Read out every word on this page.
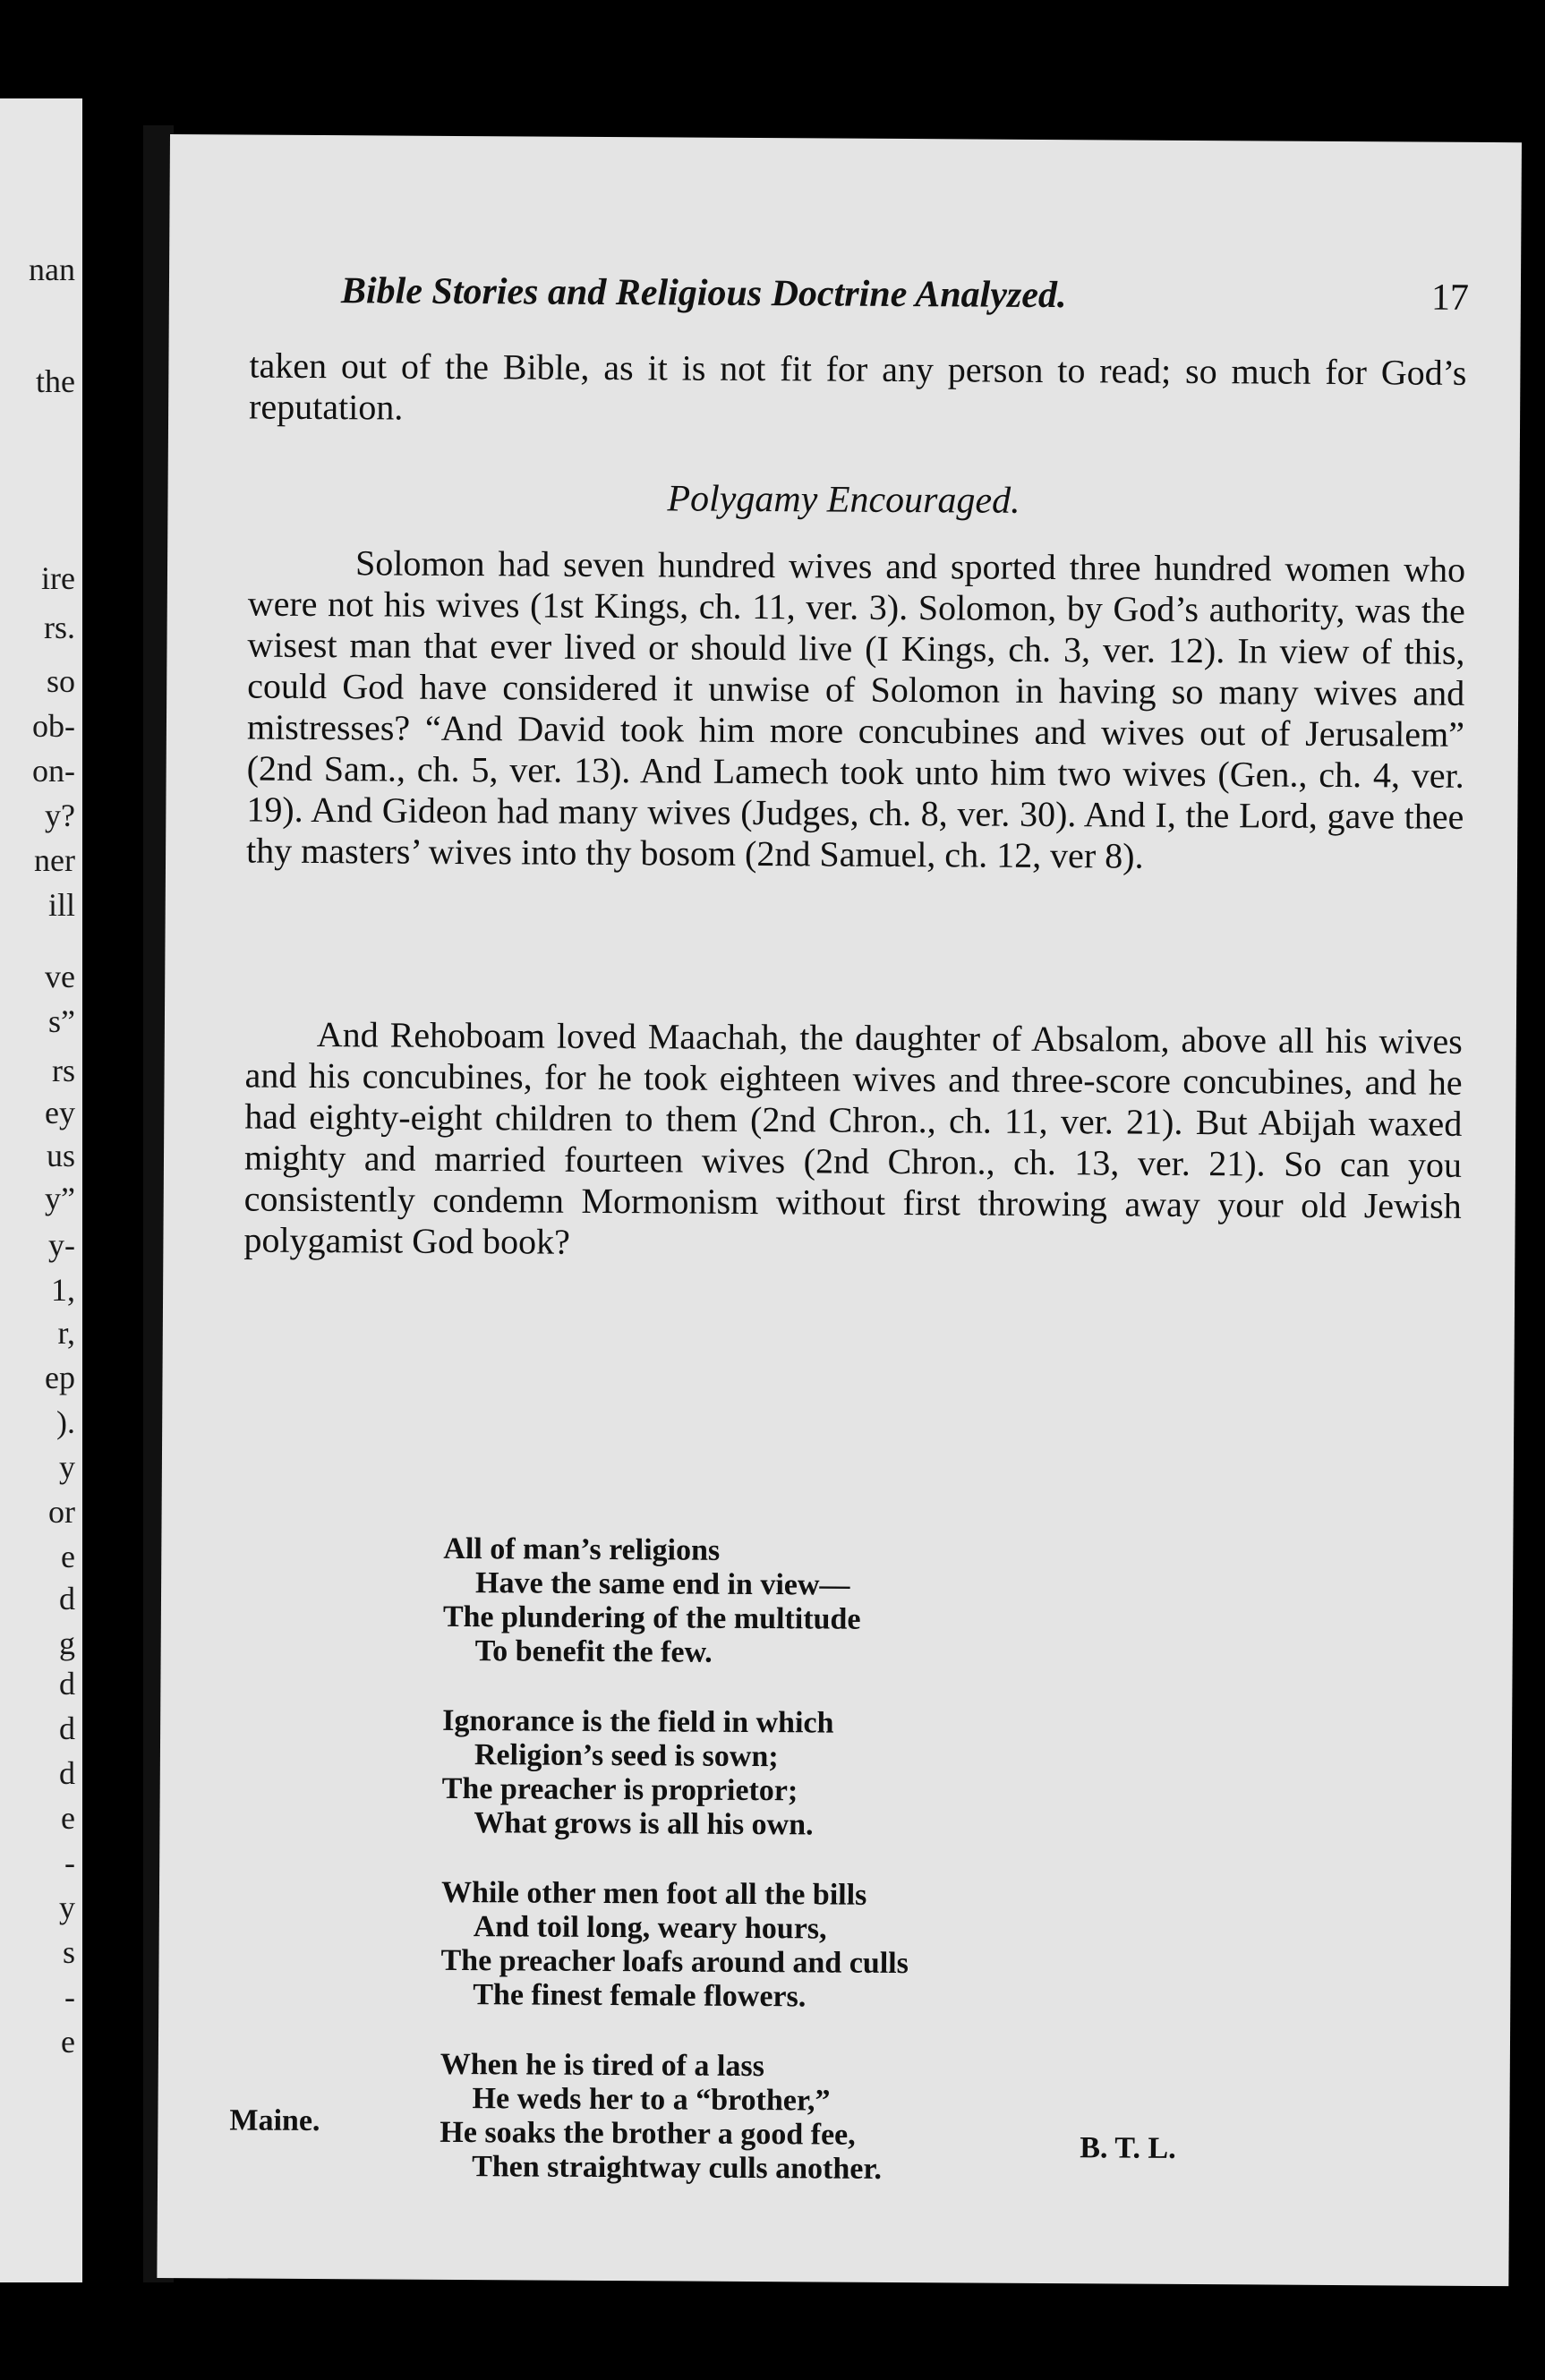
nan
the
ire
rs.
so
ob-
on-
y?
ner
ill
ve
s”
rs
ey
us
y”
y-
1,
r,
ep
).
y
or
e
d
g
d
d
d
e
-
y
s
-
e
Bible Stories and Religious Doctrine Analyzed.	17
taken out of the Bible, as it is not fit for any person to read; so much for God’s reputation.
Polygamy Encouraged.
Solomon had seven hundred wives and sported three hundred women who were not his wives (1st Kings, ch. 11, ver. 3). Solomon, by God’s authority, was the wisest man that ever lived or should live (I Kings, ch. 3, ver. 12). In view of this, could God have considered it unwise of Solomon in having so many wives and mistresses? “And David took him more concubines and wives out of Jerusalem” (2nd Sam., ch. 5, ver. 13). And Lamech took unto him two wives (Gen., ch. 4, ver. 19). And Gideon had many wives (Judges, ch. 8, ver. 30). And I, the Lord, gave thee thy masters’ wives into thy bosom (2nd Samuel, ch. 12, ver 8).
And Rehoboam loved Maachah, the daughter of Absalom, above all his wives and his concubines, for he took eighteen wives and three-score concubines, and he had eighty-eight children to them (2nd Chron., ch. 11, ver. 21). But Abijah waxed mighty and married fourteen wives (2nd Chron., ch. 13, ver. 21). So can you consistently condemn Mormonism without first throwing away your old Jewish polygamist God book?
All of man’s religions
Have the same end in view—
The plundering of the multitude
To benefit the few.
Ignorance is the field in which
Religion’s seed is sown;
The preacher is proprietor;
What grows is all his own.
While other men foot all the bills
And toil long, weary hours,
The preacher loafs around and culls
The finest female flowers.
When he is tired of a lass
He weds her to a “brother,”
He soaks the brother a good fee,
Then straightway culls another.
Maine.
B. T. L.
